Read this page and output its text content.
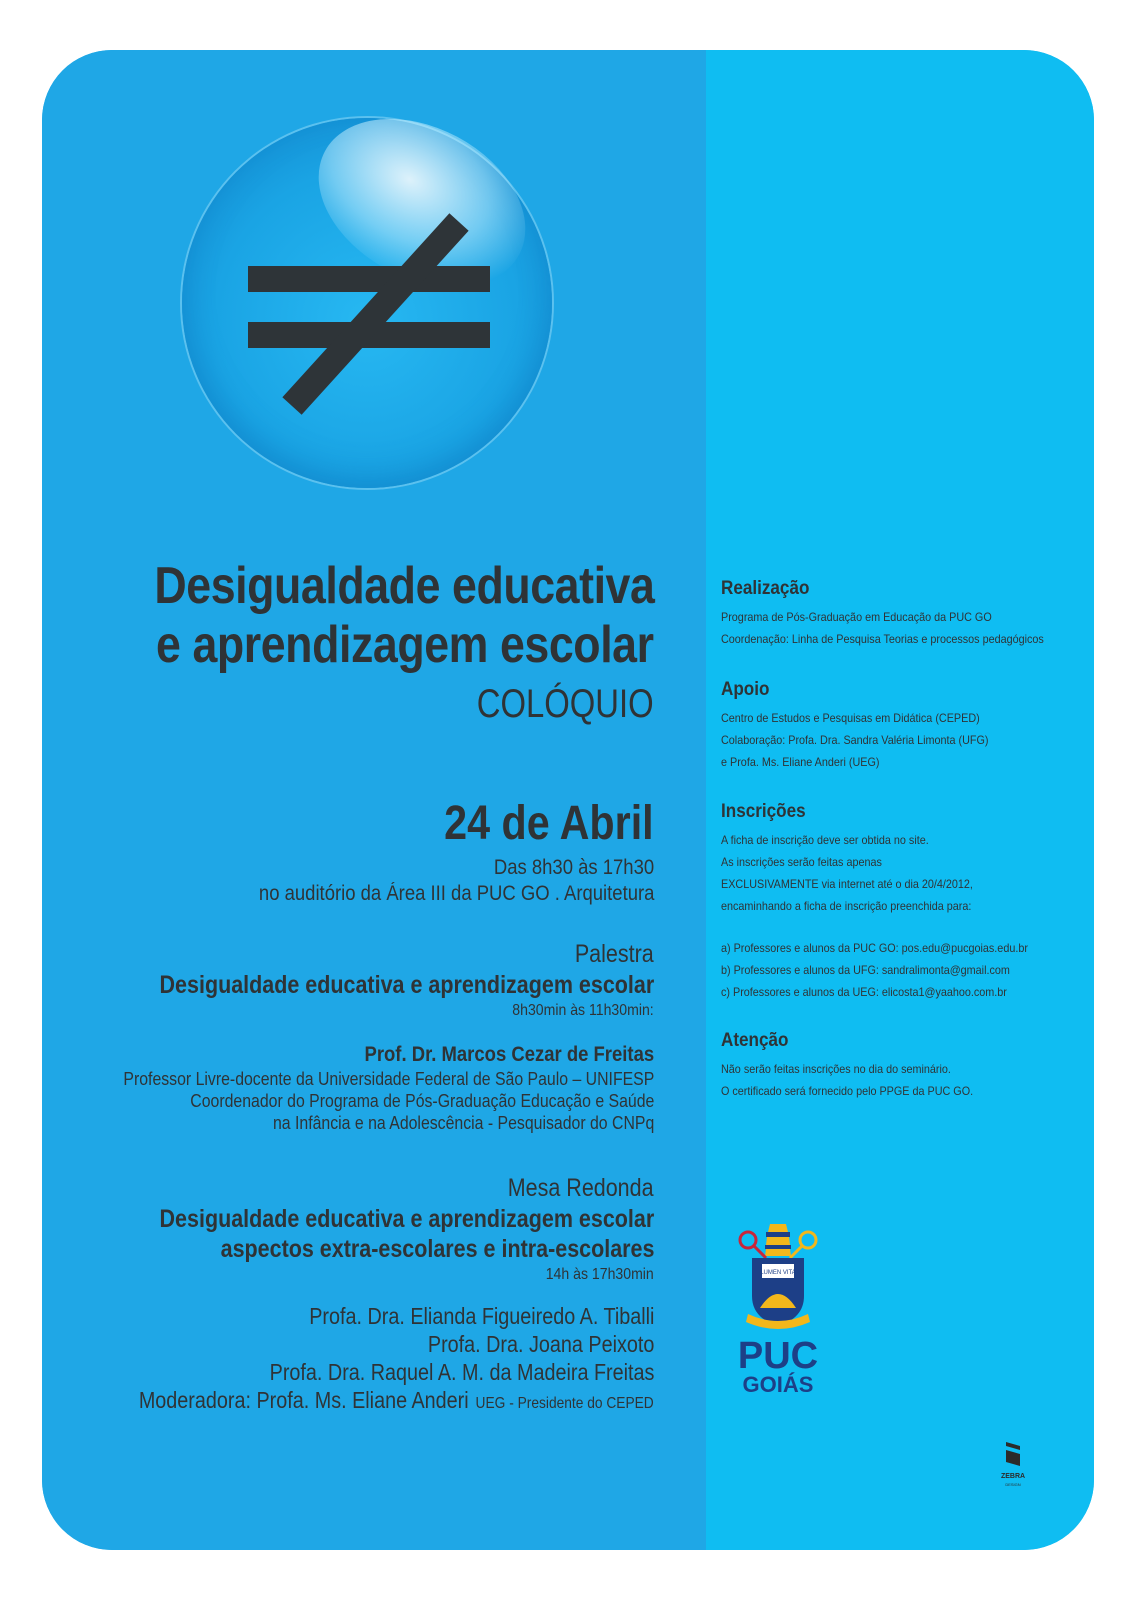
Desigualdade educativa
e aprendizagem escolar
COLÓQUIO
24 de Abril
Das 8h30 às 17h30
no auditório da Área III da PUC GO . Arquitetura
Palestra
Desigualdade educativa e aprendizagem escolar
8h30min às 11h30min:
Prof. Dr. Marcos Cezar de Freitas
Professor Livre-docente da Universidade Federal de São Paulo – UNIFESP
Coordenador do Programa de Pós-Graduação Educação e Saúde
na Infância e na Adolescência - Pesquisador do CNPq
Mesa Redonda
Desigualdade educativa e aprendizagem escolar
aspectos extra-escolares e intra-escolares
14h às 17h30min
Profa. Dra. Elianda Figueiredo A. Tiballi
Profa. Dra. Joana Peixoto
Profa. Dra. Raquel A. M. da Madeira Freitas
Moderadora: Profa. Ms. Eliane Anderi UEG - Presidente do CEPED
Realização
Programa de Pós-Graduação em Educação da PUC GO
Coordenação: Linha de Pesquisa Teorias e processos pedagógicos
Apoio
Centro de Estudos e Pesquisas em Didática (CEPED)
Colaboração: Profa. Dra. Sandra Valéria Limonta (UFG)
e Profa. Ms. Eliane Anderi (UEG)
Inscrições
A ficha de inscrição deve ser obtida no site.
As inscrições serão feitas apenas
EXCLUSIVAMENTE via internet até o dia 20/4/2012,
encaminhando a ficha de inscrição preenchida para:
a) Professores e alunos da PUC GO: pos.edu@pucgoias.edu.br
b) Professores e alunos da UFG: sandralimonta@gmail.com
c) Professores e alunos da UEG: elicosta1@yaahoo.com.br
Atenção
Não serão feitas inscrições no dia do seminário.
O certificado será fornecido pelo PPGE da PUC GO.
LUMEN VITA
PUC
GOIÁS
ZEBRA
DESIGN
